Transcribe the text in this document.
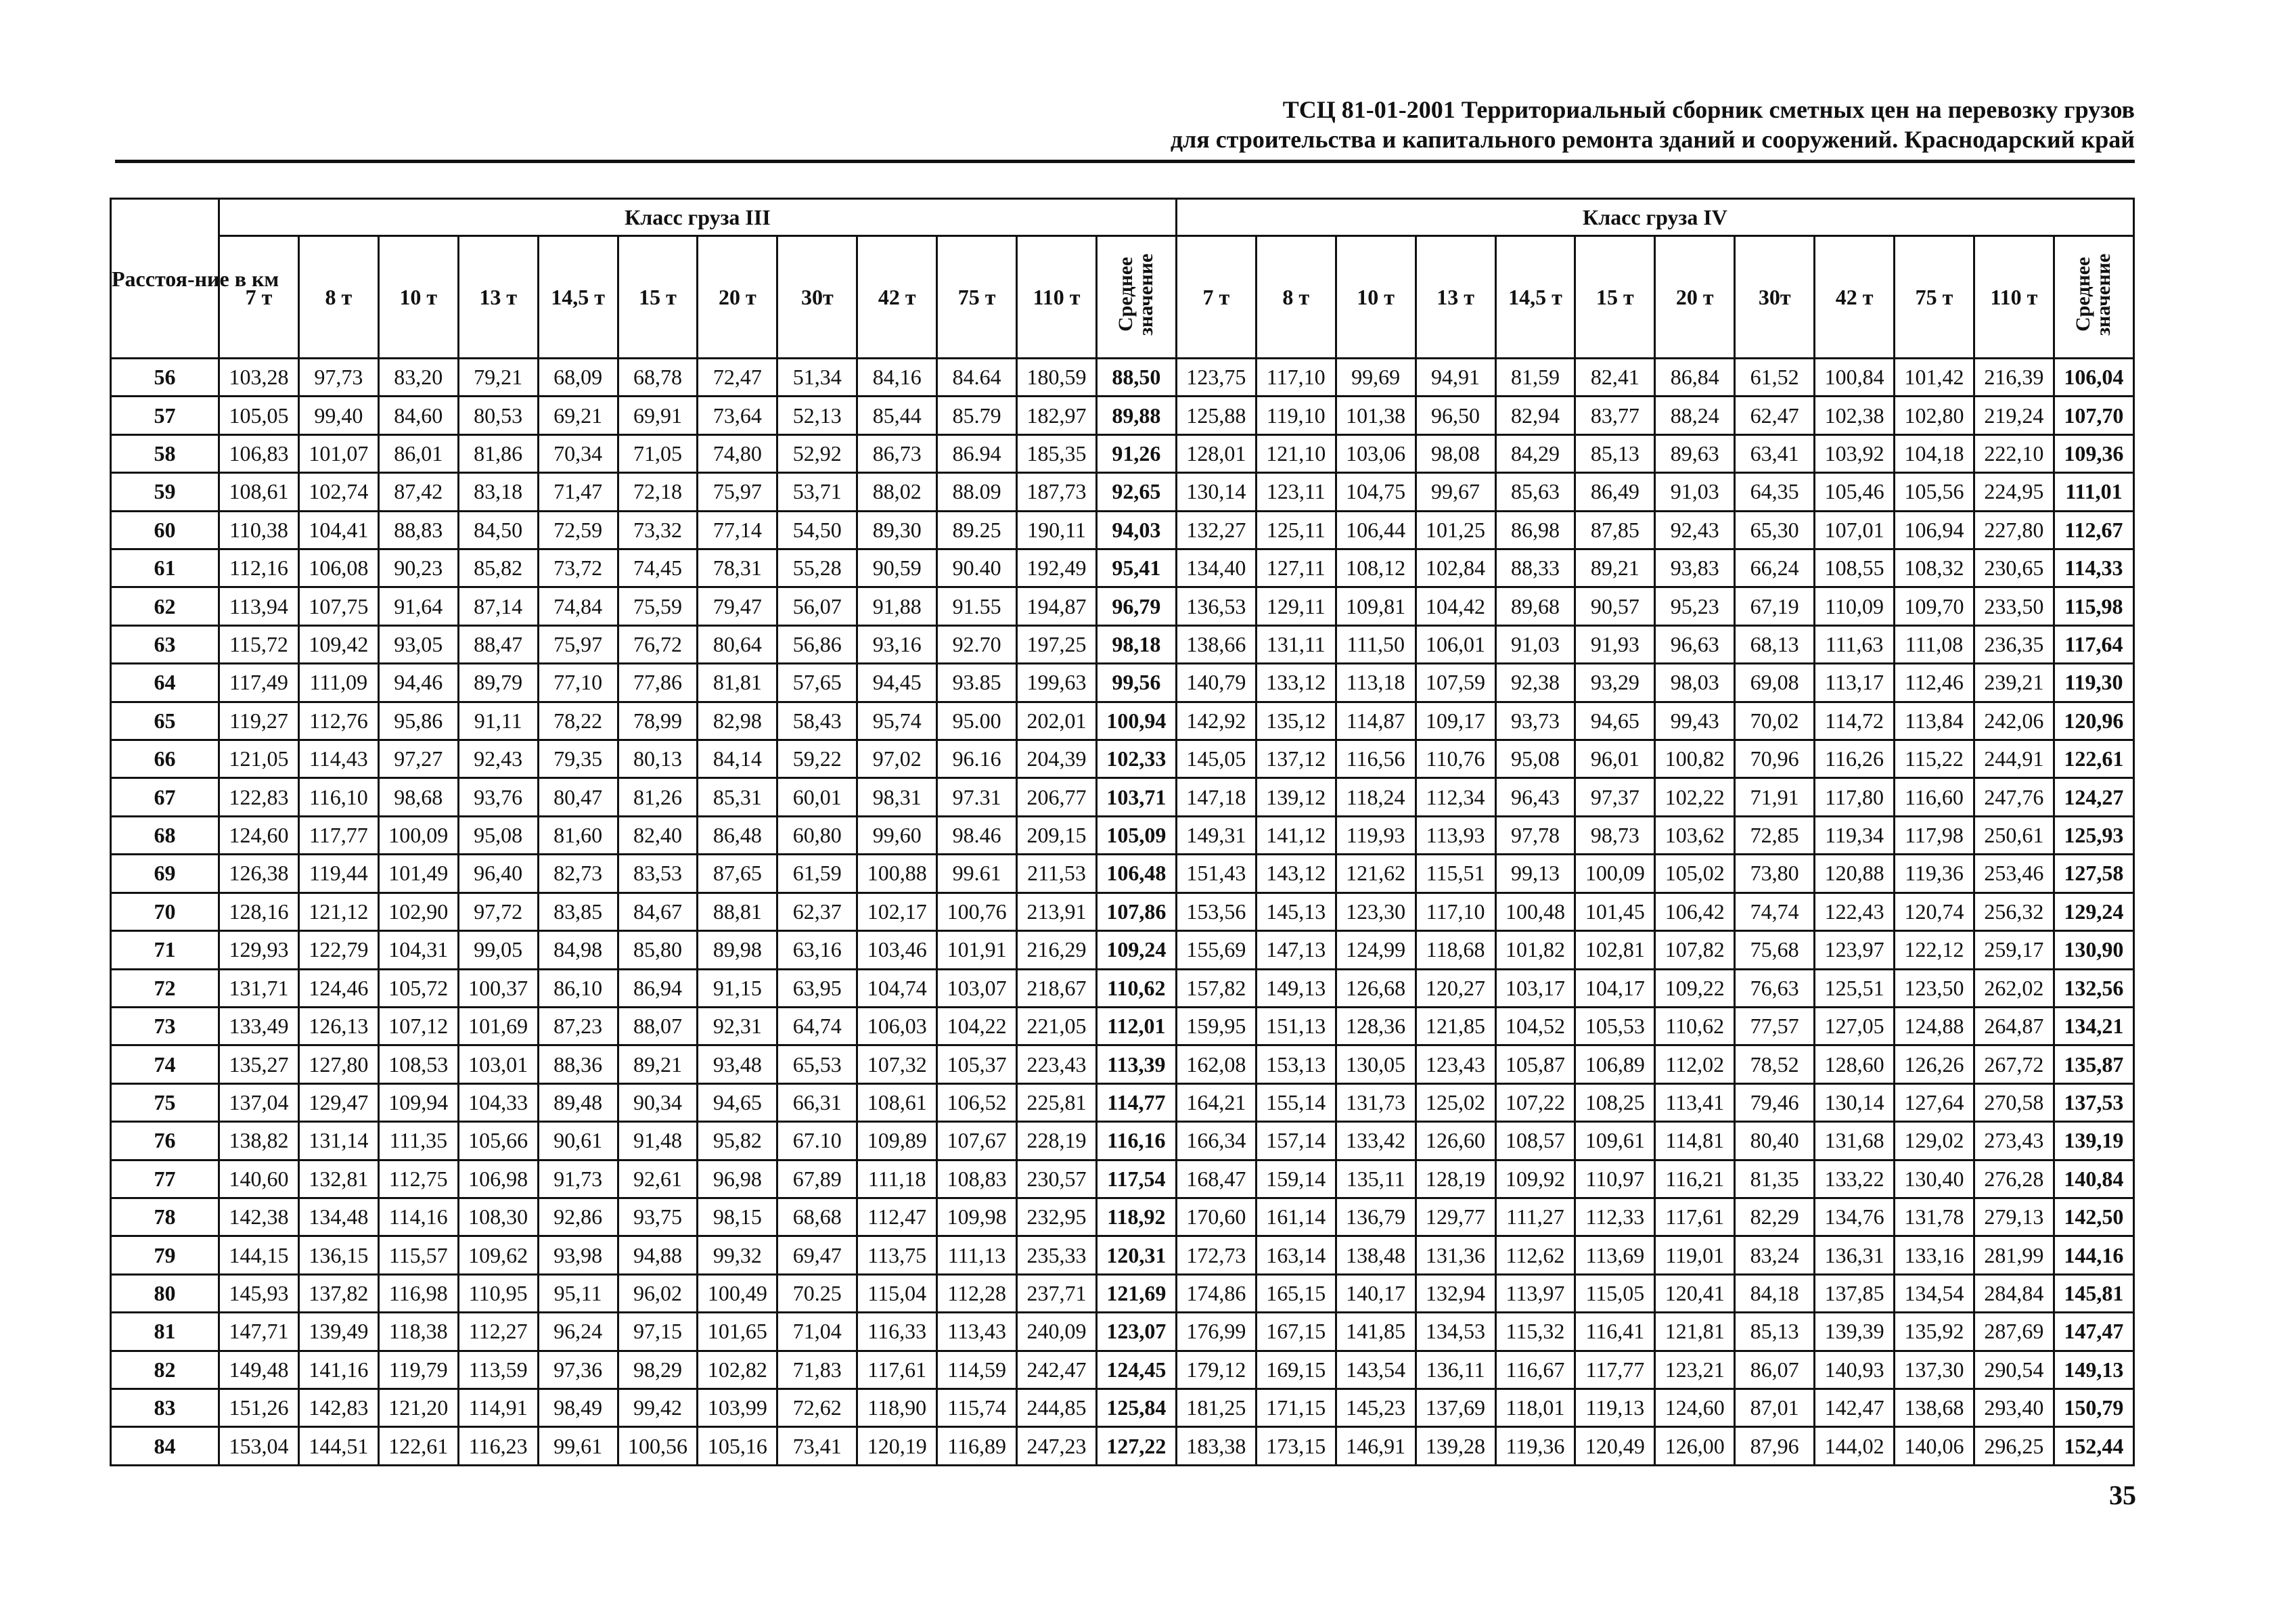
ТСЦ 81-01-2001 Территориальный сборник сметных цен на перевозку грузов
для строительства и капитального ремонта зданий и сооружений. Краснодарский край
Расстоя-ние в км	Класс груза III												Класс груза IV											
	7 т	8 т	10 т	13 т	14,5 т	15 т	20 т	30т	42 т	75 т	110 т	Среднее значение	7 т	8 т	10 т	13 т	14,5 т	15 т	20 т	30т	42 т	75 т	110 т	Среднее значение
56	103,28	97,73	83,20	79,21	68,09	68,78	72,47	51,34	84,16	84.64	180,59	88,50	123,75	117,10	99,69	94,91	81,59	82,41	86,84	61,52	100,84	101,42	216,39	106,04
57	105,05	99,40	84,60	80,53	69,21	69,91	73,64	52,13	85,44	85.79	182,97	89,88	125,88	119,10	101,38	96,50	82,94	83,77	88,24	62,47	102,38	102,80	219,24	107,70
58	106,83	101,07	86,01	81,86	70,34	71,05	74,80	52,92	86,73	86.94	185,35	91,26	128,01	121,10	103,06	98,08	84,29	85,13	89,63	63,41	103,92	104,18	222,10	109,36
59	108,61	102,74	87,42	83,18	71,47	72,18	75,97	53,71	88,02	88.09	187,73	92,65	130,14	123,11	104,75	99,67	85,63	86,49	91,03	64,35	105,46	105,56	224,95	111,01
60	110,38	104,41	88,83	84,50	72,59	73,32	77,14	54,50	89,30	89.25	190,11	94,03	132,27	125,11	106,44	101,25	86,98	87,85	92,43	65,30	107,01	106,94	227,80	112,67
61	112,16	106,08	90,23	85,82	73,72	74,45	78,31	55,28	90,59	90.40	192,49	95,41	134,40	127,11	108,12	102,84	88,33	89,21	93,83	66,24	108,55	108,32	230,65	114,33
62	113,94	107,75	91,64	87,14	74,84	75,59	79,47	56,07	91,88	91.55	194,87	96,79	136,53	129,11	109,81	104,42	89,68	90,57	95,23	67,19	110,09	109,70	233,50	115,98
63	115,72	109,42	93,05	88,47	75,97	76,72	80,64	56,86	93,16	92.70	197,25	98,18	138,66	131,11	111,50	106,01	91,03	91,93	96,63	68,13	111,63	111,08	236,35	117,64
64	117,49	111,09	94,46	89,79	77,10	77,86	81,81	57,65	94,45	93.85	199,63	99,56	140,79	133,12	113,18	107,59	92,38	93,29	98,03	69,08	113,17	112,46	239,21	119,30
65	119,27	112,76	95,86	91,11	78,22	78,99	82,98	58,43	95,74	95.00	202,01	100,94	142,92	135,12	114,87	109,17	93,73	94,65	99,43	70,02	114,72	113,84	242,06	120,96
66	121,05	114,43	97,27	92,43	79,35	80,13	84,14	59,22	97,02	96.16	204,39	102,33	145,05	137,12	116,56	110,76	95,08	96,01	100,82	70,96	116,26	115,22	244,91	122,61
67	122,83	116,10	98,68	93,76	80,47	81,26	85,31	60,01	98,31	97.31	206,77	103,71	147,18	139,12	118,24	112,34	96,43	97,37	102,22	71,91	117,80	116,60	247,76	124,27
68	124,60	117,77	100,09	95,08	81,60	82,40	86,48	60,80	99,60	98.46	209,15	105,09	149,31	141,12	119,93	113,93	97,78	98,73	103,62	72,85	119,34	117,98	250,61	125,93
69	126,38	119,44	101,49	96,40	82,73	83,53	87,65	61,59	100,88	99.61	211,53	106,48	151,43	143,12	121,62	115,51	99,13	100,09	105,02	73,80	120,88	119,36	253,46	127,58
70	128,16	121,12	102,90	97,72	83,85	84,67	88,81	62,37	102,17	100,76	213,91	107,86	153,56	145,13	123,30	117,10	100,48	101,45	106,42	74,74	122,43	120,74	256,32	129,24
71	129,93	122,79	104,31	99,05	84,98	85,80	89,98	63,16	103,46	101,91	216,29	109,24	155,69	147,13	124,99	118,68	101,82	102,81	107,82	75,68	123,97	122,12	259,17	130,90
72	131,71	124,46	105,72	100,37	86,10	86,94	91,15	63,95	104,74	103,07	218,67	110,62	157,82	149,13	126,68	120,27	103,17	104,17	109,22	76,63	125,51	123,50	262,02	132,56
73	133,49	126,13	107,12	101,69	87,23	88,07	92,31	64,74	106,03	104,22	221,05	112,01	159,95	151,13	128,36	121,85	104,52	105,53	110,62	77,57	127,05	124,88	264,87	134,21
74	135,27	127,80	108,53	103,01	88,36	89,21	93,48	65,53	107,32	105,37	223,43	113,39	162,08	153,13	130,05	123,43	105,87	106,89	112,02	78,52	128,60	126,26	267,72	135,87
75	137,04	129,47	109,94	104,33	89,48	90,34	94,65	66,31	108,61	106,52	225,81	114,77	164,21	155,14	131,73	125,02	107,22	108,25	113,41	79,46	130,14	127,64	270,58	137,53
76	138,82	131,14	111,35	105,66	90,61	91,48	95,82	67.10	109,89	107,67	228,19	116,16	166,34	157,14	133,42	126,60	108,57	109,61	114,81	80,40	131,68	129,02	273,43	139,19
77	140,60	132,81	112,75	106,98	91,73	92,61	96,98	67,89	111,18	108,83	230,57	117,54	168,47	159,14	135,11	128,19	109,92	110,97	116,21	81,35	133,22	130,40	276,28	140,84
78	142,38	134,48	114,16	108,30	92,86	93,75	98,15	68,68	112,47	109,98	232,95	118,92	170,60	161,14	136,79	129,77	111,27	112,33	117,61	82,29	134,76	131,78	279,13	142,50
79	144,15	136,15	115,57	109,62	93,98	94,88	99,32	69,47	113,75	111,13	235,33	120,31	172,73	163,14	138,48	131,36	112,62	113,69	119,01	83,24	136,31	133,16	281,99	144,16
80	145,93	137,82	116,98	110,95	95,11	96,02	100,49	70.25	115,04	112,28	237,71	121,69	174,86	165,15	140,17	132,94	113,97	115,05	120,41	84,18	137,85	134,54	284,84	145,81
81	147,71	139,49	118,38	112,27	96,24	97,15	101,65	71,04	116,33	113,43	240,09	123,07	176,99	167,15	141,85	134,53	115,32	116,41	121,81	85,13	139,39	135,92	287,69	147,47
82	149,48	141,16	119,79	113,59	97,36	98,29	102,82	71,83	117,61	114,59	242,47	124,45	179,12	169,15	143,54	136,11	116,67	117,77	123,21	86,07	140,93	137,30	290,54	149,13
83	151,26	142,83	121,20	114,91	98,49	99,42	103,99	72,62	118,90	115,74	244,85	125,84	181,25	171,15	145,23	137,69	118,01	119,13	124,60	87,01	142,47	138,68	293,40	150,79
84	153,04	144,51	122,61	116,23	99,61	100,56	105,16	73,41	120,19	116,89	247,23	127,22	183,38	173,15	146,91	139,28	119,36	120,49	126,00	87,96	144,02	140,06	296,25	152,44
35
